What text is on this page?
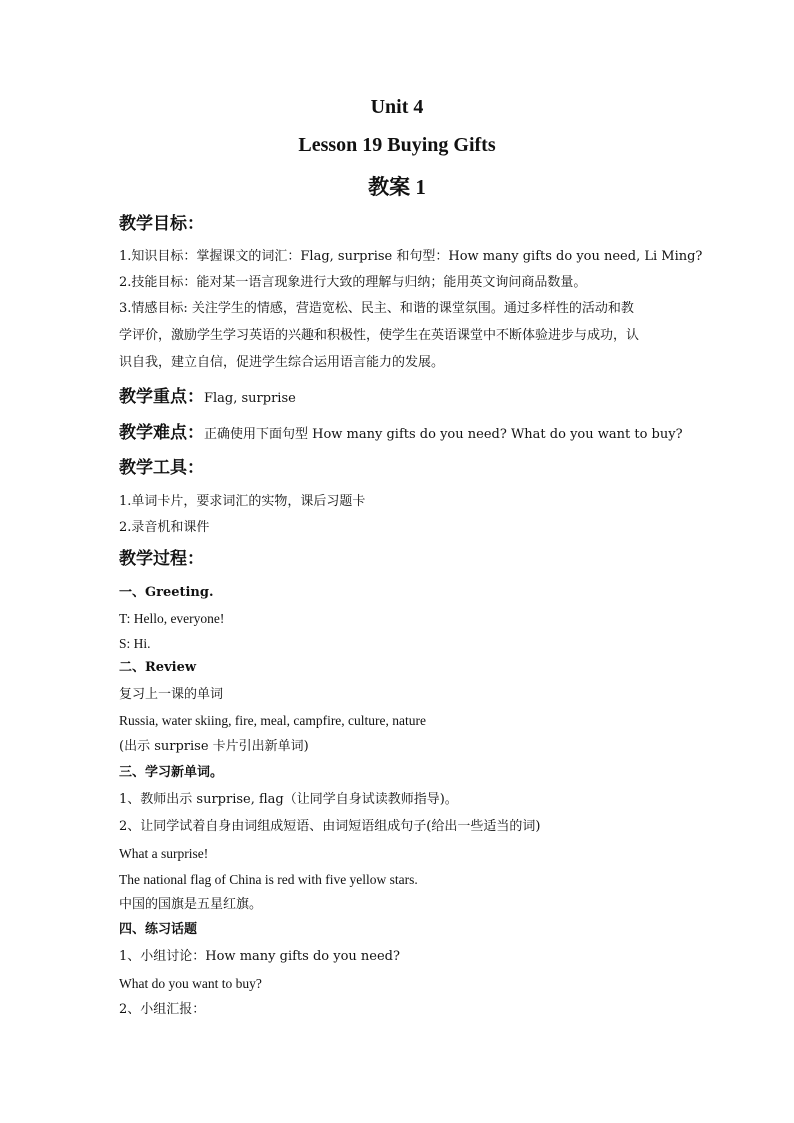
Unit 4
Lesson 19 Buying Gifts
教案 1
教学目标：
1.知识目标：掌握课文的词汇：Flag, surprise 和句型：How many gifts do you need, Li Ming?
2.技能目标：能对某一语言现象进行大致的理解与归纳；能用英文询问商品数量。
3.情感目标: 关注学生的情感，营造宽松、民主、和谐的课堂氛围。通过多样性的活动和教
学评价，激励学生学习英语的兴趣和积极性，使学生在英语课堂中不断体验进步与成功，认
识自我，建立自信，促进学生综合运用语言能力的发展。
教学重点：Flag, surprise
教学难点：正确使用下面句型 How many gifts do you need? What do you want to buy?
教学工具：
1.单词卡片，要求词汇的实物，课后习题卡
2.录音机和课件
教学过程：
一、Greeting.
T: Hello, everyone!
S: Hi.
二、Review
复习上一课的单词
Russia, water skiing, fire, meal, campfire, culture, nature
(出示 surprise 卡片引出新单词)
三、学习新单词。
1、教师出示 surprise, flag（让同学自身试读教师指导)。
2、让同学试着自身由词组成短语、由词短语组成句子(给出一些适当的词)
What a surprise!
The national flag of China is red with five yellow stars.
中国的国旗是五星红旗。
四、练习话题
1、小组讨论：How many gifts do you need?
What do you want to buy?
2、小组汇报：
